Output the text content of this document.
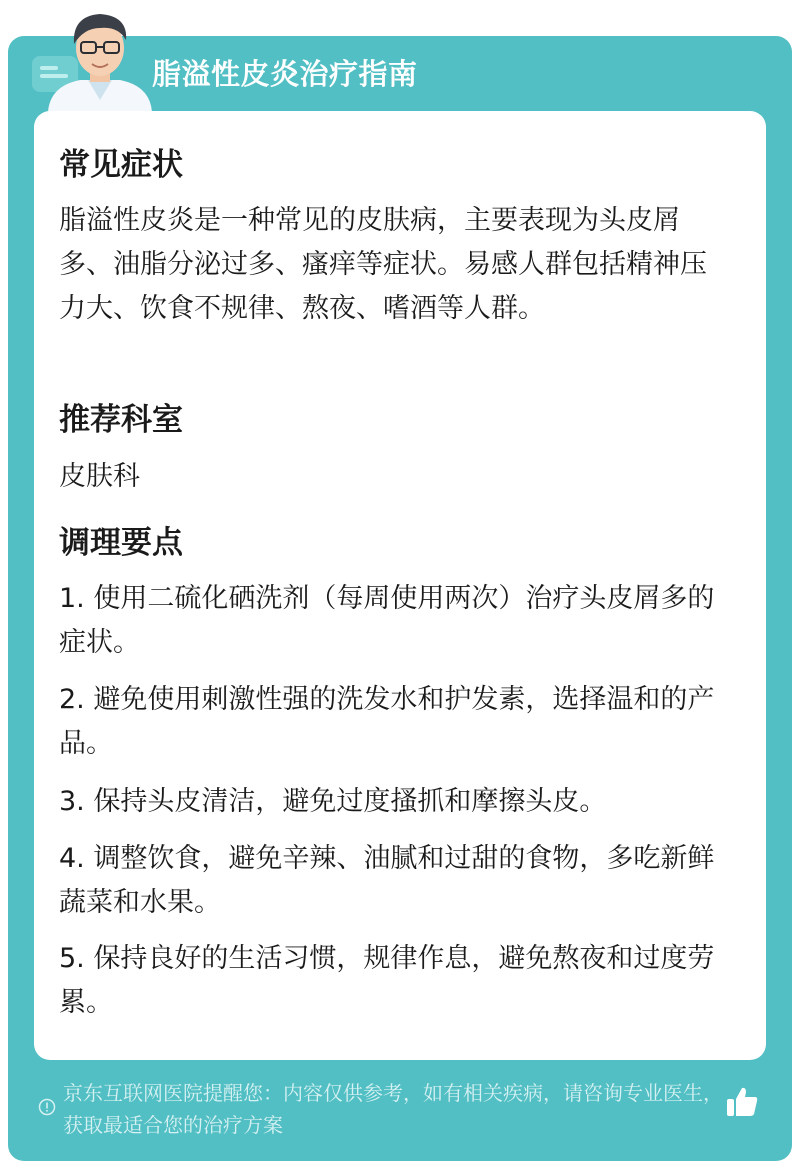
脂溢性皮炎治疗指南
常见症状
脂溢性皮炎是一种常见的皮肤病，主要表现为头皮屑多、油脂分泌过多、瘙痒等症状。易感人群包括精神压力大、饮食不规律、熬夜、嗜酒等人群。
推荐科室
皮肤科
调理要点
1. 使用二硫化硒洗剂（每周使用两次）治疗头皮屑多的症状。
2. 避免使用刺激性强的洗发水和护发素，选择温和的产品。
3. 保持头皮清洁，避免过度搔抓和摩擦头皮。
4. 调整饮食，避免辛辣、油腻和过甜的食物，多吃新鲜蔬菜和水果。
5. 保持良好的生活习惯，规律作息，避免熬夜和过度劳累。
京东互联网医院提醒您：内容仅供参考，如有相关疾病，请咨询专业医生，获取最适合您的治疗方案
